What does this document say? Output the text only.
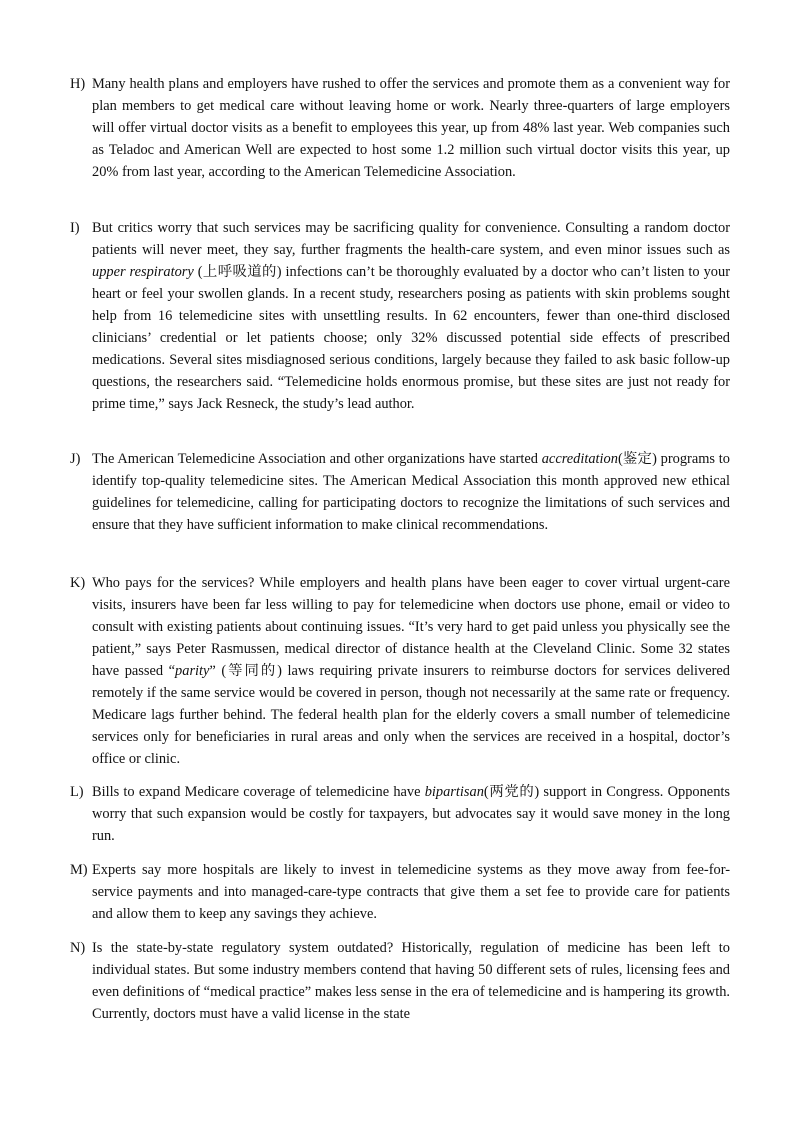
H) Many health plans and employers have rushed to offer the services and promote them as a convenient way for plan members to get medical care without leaving home or work. Nearly three-quarters of large employers will offer virtual doctor visits as a benefit to employees this year, up from 48% last year. Web companies such as Teladoc and American Well are expected to host some 1.2 million such virtual doctor visits this year, up 20% from last year, according to the American Telemedicine Association.
I) But critics worry that such services may be sacrificing quality for convenience. Consulting a random doctor patients will never meet, they say, further fragments the health-care system, and even minor issues such as upper respiratory (上呼吸道的) infections can’t be thoroughly evaluated by a doctor who can’t listen to your heart or feel your swollen glands. In a recent study, researchers posing as patients with skin problems sought help from 16 telemedicine sites with unsettling results. In 62 encounters, fewer than one-third disclosed clinicians’ credential or let patients choose; only 32% discussed potential side effects of prescribed medications. Several sites misdiagnosed serious conditions, largely because they failed to ask basic follow-up questions, the researchers said. “Telemedicine holds enormous promise, but these sites are just not ready for prime time,” says Jack Resneck, the study’s lead author.
J) The American Telemedicine Association and other organizations have started accreditation(鉴定) programs to identify top-quality telemedicine sites. The American Medical Association this month approved new ethical guidelines for telemedicine, calling for participating doctors to recognize the limitations of such services and ensure that they have sufficient information to make clinical recommendations.
K) Who pays for the services? While employers and health plans have been eager to cover virtual urgent-care visits, insurers have been far less willing to pay for telemedicine when doctors use phone, email or video to consult with existing patients about continuing issues. “It’s very hard to get paid unless you physically see the patient,” says Peter Rasmussen, medical director of distance health at the Cleveland Clinic. Some 32 states have passed “parity” (等同的) laws requiring private insurers to reimburse doctors for services delivered remotely if the same service would be covered in person, though not necessarily at the same rate or frequency. Medicare lags further behind. The federal health plan for the elderly covers a small number of telemedicine services only for beneficiaries in rural areas and only when the services are received in a hospital, doctor’s office or clinic.
L) Bills to expand Medicare coverage of telemedicine have bipartisan(两党的) support in Congress. Opponents worry that such expansion would be costly for taxpayers, but advocates say it would save money in the long run.
M) Experts say more hospitals are likely to invest in telemedicine systems as they move away from fee-for-service payments and into managed-care-type contracts that give them a set fee to provide care for patients and allow them to keep any savings they achieve.
N) Is the state-by-state regulatory system outdated? Historically, regulation of medicine has been left to individual states. But some industry members contend that having 50 different sets of rules, licensing fees and even definitions of “medical practice” makes less sense in the era of telemedicine and is hampering its growth. Currently, doctors must have a valid license in the state
